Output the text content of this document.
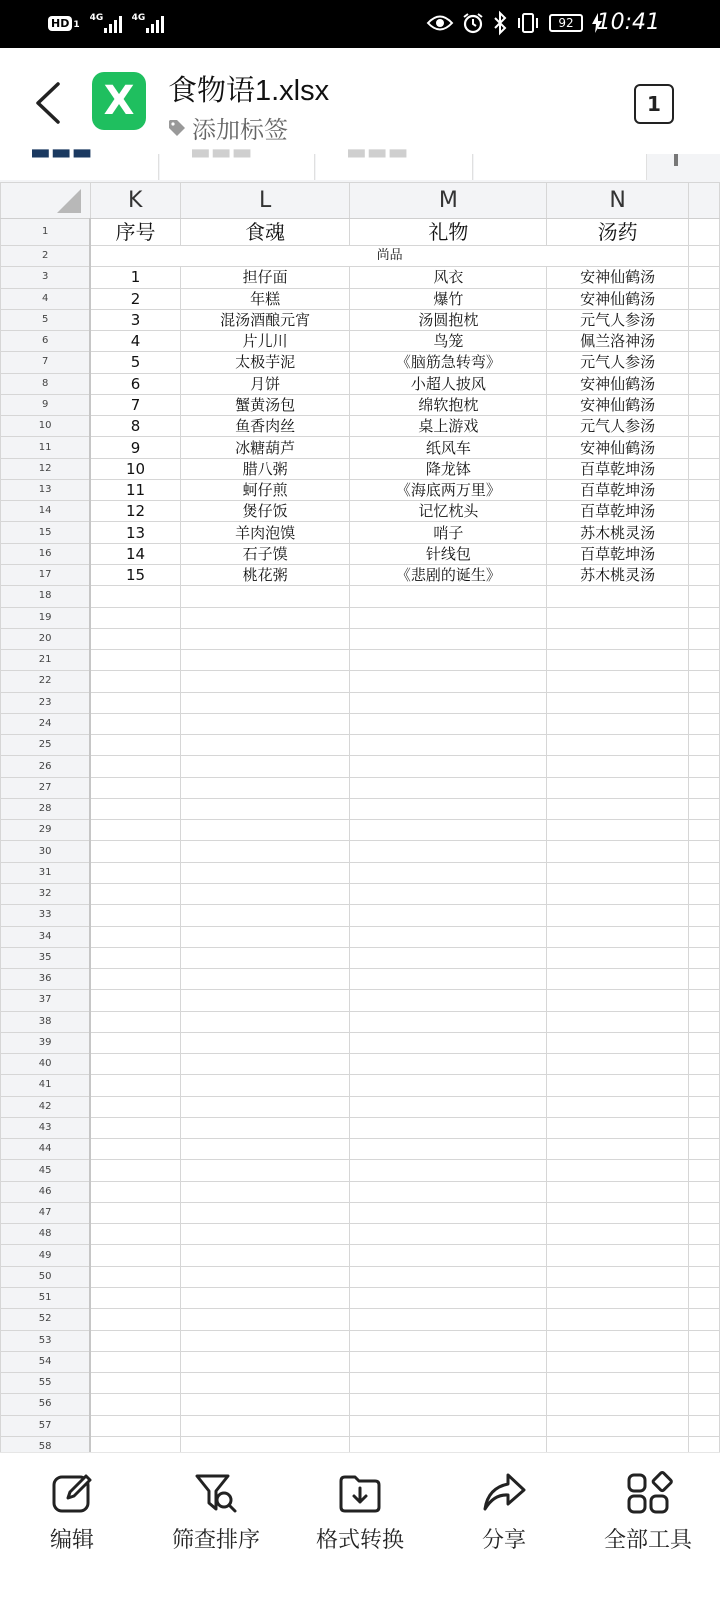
HD 1
4G	4G	92 10:41
X	食物语1.xlsx
添加标签
1
▬▬▬	▬▬▬	▬▬▬
	K	L	M	N	
1	序号	食魂	礼物	汤药	
2	尚品				
3	1	担仔面	风衣	安神仙鹤汤	
4	2	年糕	爆竹	安神仙鹤汤	
5	3	混汤酒酿元宵	汤圆抱枕	元气人参汤	
6	4	片儿川	鸟笼	佩兰洛神汤	
7	5	太极芋泥	《脑筋急转弯》	元气人参汤	
8	6	月饼	小超人披风	安神仙鹤汤	
9	7	蟹黄汤包	绵软抱枕	安神仙鹤汤	
10	8	鱼香肉丝	桌上游戏	元气人参汤	
11	9	冰糖葫芦	纸风车	安神仙鹤汤	
12	10	腊八粥	降龙钵	百草乾坤汤	
13	11	蚵仔煎	《海底两万里》	百草乾坤汤	
14	12	煲仔饭	记忆枕头	百草乾坤汤	
15	13	羊肉泡馍	哨子	苏木桃灵汤	
16	14	石子馍	针线包	百草乾坤汤	
17	15	桃花粥	《悲剧的诞生》	苏木桃灵汤	
18					
19					
20					
21					
22					
23					
24					
25					
26					
27					
28					
29					
30					
31					
32					
33					
34					
35					
36					
37					
38					
39					
40					
41					
42					
43					
44					
45					
46					
47					
48					
49					
50					
51					
52					
53					
54					
55					
56					
57					
58					
编辑	筛查排序	格式转换	分享	全部工具
